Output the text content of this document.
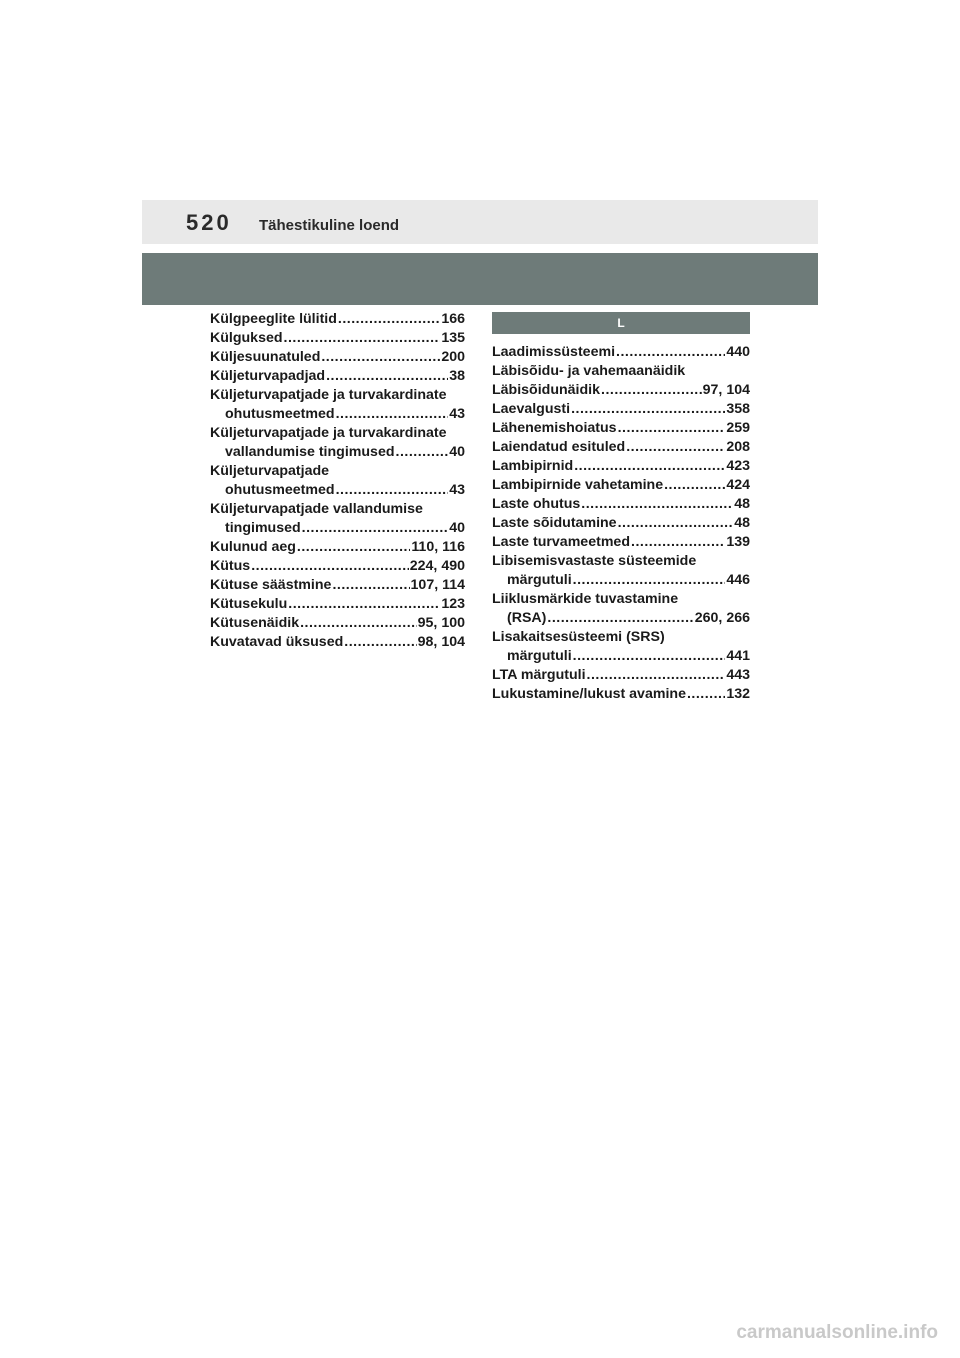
520 Tähestikuline loend
Külgpeeglite lülitid .....	166
Külguksed .....	135
Küljesuunatuled .....	200
Küljeturvapadjad .....	38
Küljeturvapatjade ja turvakardinate
ohutusmeetmed .....	43
Küljeturvapatjade ja turvakardinate
vallandumise tingimused .....	40
Küljeturvapatjade
ohutusmeetmed .....	43
Küljeturvapatjade vallandumise
tingimused .....	40
Kulunud aeg .....	110, 116
Kütus .....	224, 490
Kütuse säästmine .....	107, 114
Kütusekulu .....	123
Kütusenäidik .....	95, 100
Kuvatavad üksused .....	98, 104
L
Laadimissüsteemi .....	440
Läbisõidu- ja vahemaanäidik
Läbisõidunäidik .....	97, 104
Laevalgusti .....	358
Lähenemishoiatus .....	259
Laiendatud esituled .....	208
Lambipirnid .....	423
Lambipirnide vahetamine .....	424
Laste ohutus .....	48
Laste sõidutamine .....	48
Laste turvameetmed .....	139
Libisemisvastaste süsteemide
märgutuli .....	446
Liiklusmärkide tuvastamine
(RSA) .....	260, 266
Lisakaitsesüsteemi (SRS)
märgutuli .....	441
LTA märgutuli .....	443
Lukustamine/lukust avamine .....	132
carmanualsonline.info
